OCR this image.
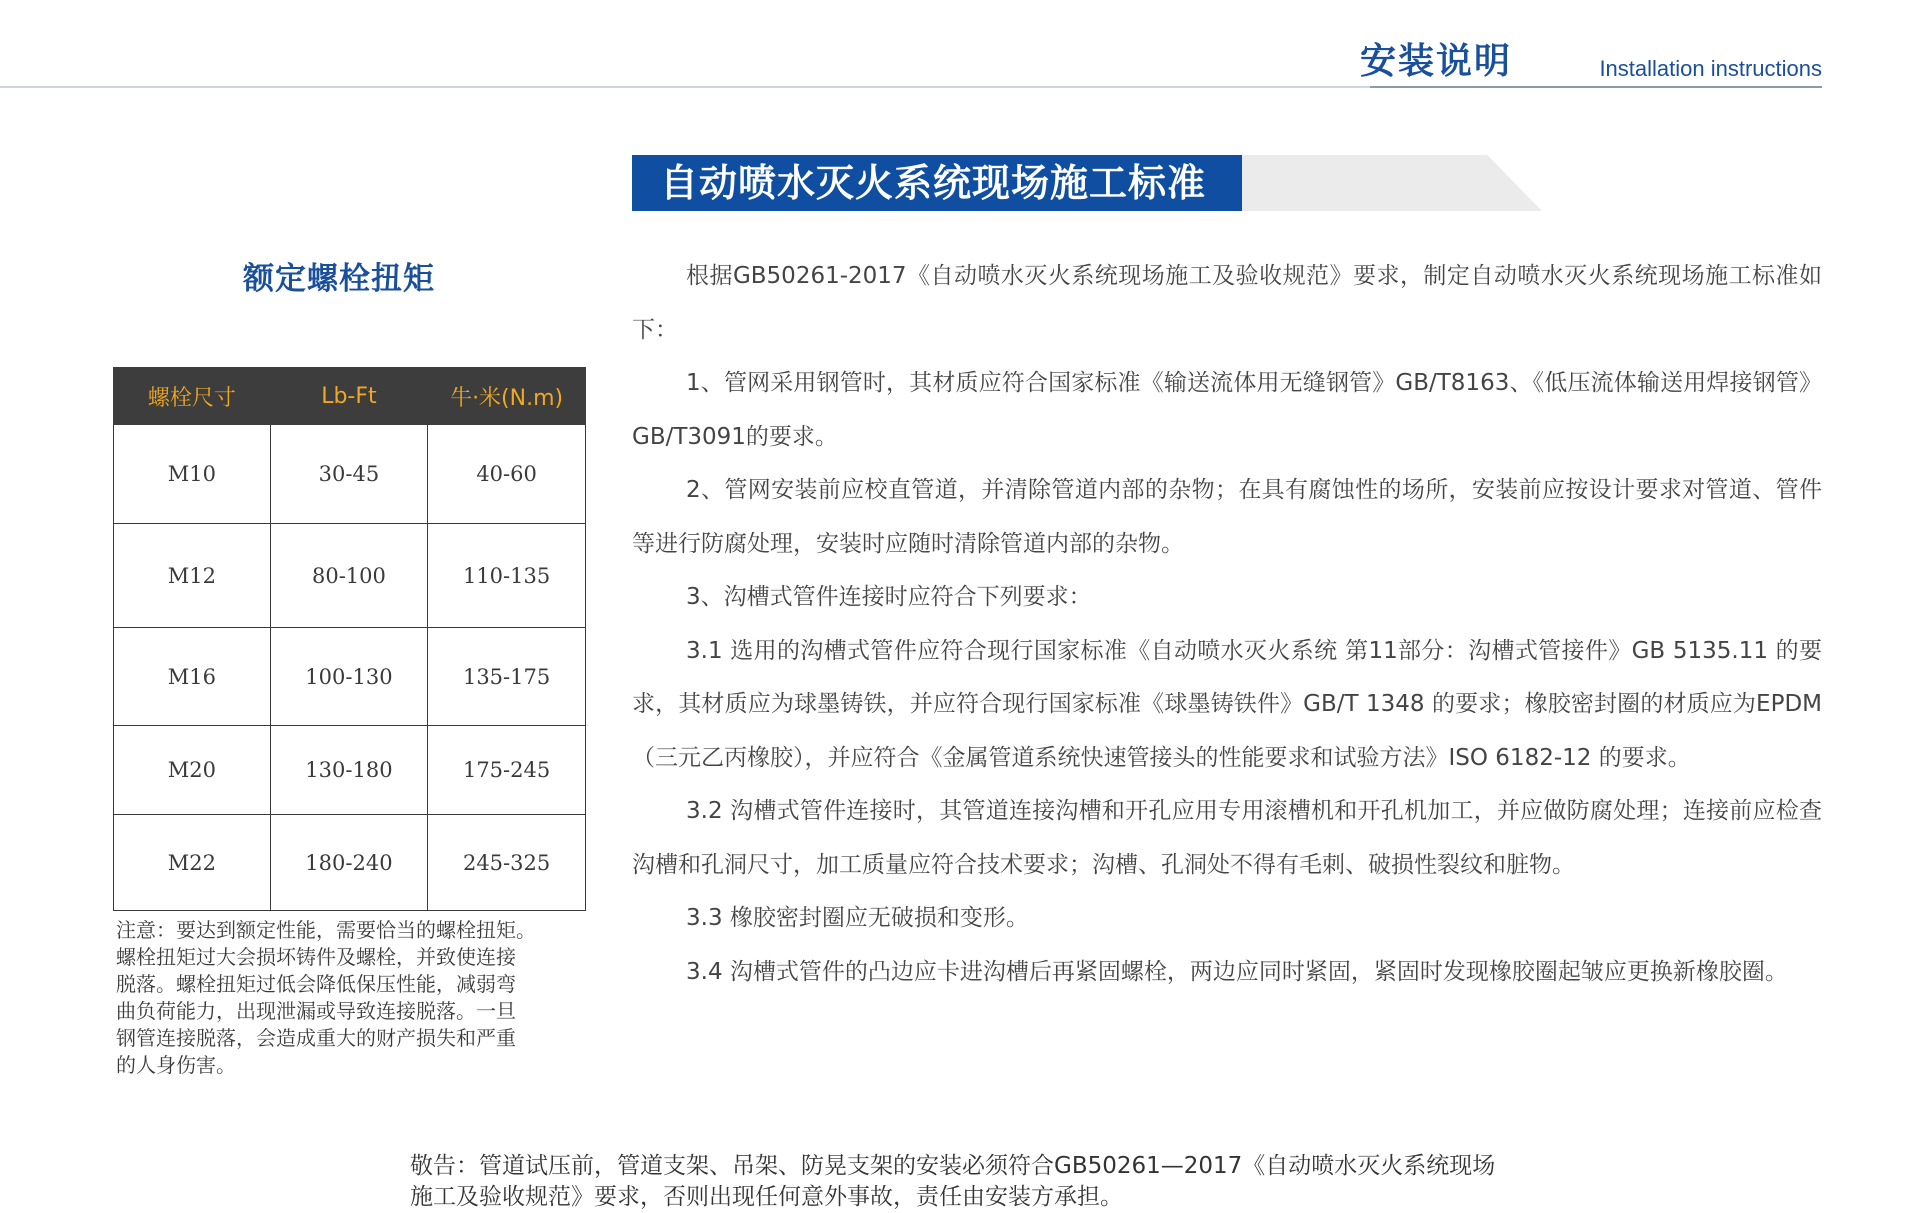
安装说明	Installation instructions
自动喷水灭火系统现场施工标准
额定螺栓扭矩
螺栓尺寸	Lb-Ft	牛·米(N.m)
M10	30-45	40-60
M12	80-100	110-135
M16	100-130	135-175
M20	130-180	175-245
M22	180-240	245-325
注意：要达到额定性能，需要恰当的螺栓扭矩。
螺栓扭矩过大会损坏铸件及螺栓，并致使连接
脱落。螺栓扭矩过低会降低保压性能，减弱弯
曲负荷能力，出现泄漏或导致连接脱落。一旦
钢管连接脱落，会造成重大的财产损失和严重
的人身伤害。

根据GB50261-2017《自动喷水灭火系统现场施工及验收规范》要求，制定自动喷水灭火系统现场施工标准如下：

1、管网采用钢管时，其材质应符合国家标准《输送流体用无缝钢管》GB/T8163、《低压流体输送用焊接钢管》GB/T3091的要求。

2、管网安装前应校直管道，并清除管道内部的杂物；在具有腐蚀性的场所，安装前应按设计要求对管道、管件等进行防腐处理，安装时应随时清除管道内部的杂物。

3、沟槽式管件连接时应符合下列要求：

3.1 选用的沟槽式管件应符合现行国家标准《自动喷水灭火系统 第11部分：沟槽式管接件》GB 5135.11 的要求，其材质应为球墨铸铁，并应符合现行国家标准《球墨铸铁件》GB/T 1348 的要求；橡胶密封圈的材质应为EPDM（三元乙丙橡胶），并应符合《金属管道系统快速管接头的性能要求和试验方法》ISO 6182-12 的要求。

3.2 沟槽式管件连接时，其管道连接沟槽和开孔应用专用滚槽机和开孔机加工，并应做防腐处理；连接前应检查沟槽和孔洞尺寸，加工质量应符合技术要求；沟槽、孔洞处不得有毛刺、破损性裂纹和脏物。

3.3 橡胶密封圈应无破损和变形。

3.4 沟槽式管件的凸边应卡进沟槽后再紧固螺栓，两边应同时紧固，紧固时发现橡胶圈起皱应更换新橡胶圈。

敬告：管道试压前，管道支架、吊架、防晃支架的安装必须符合GB50261—2017《自动喷水灭火系统现场

施工及验收规范》要求，否则出现任何意外事故，责任由安装方承担。
